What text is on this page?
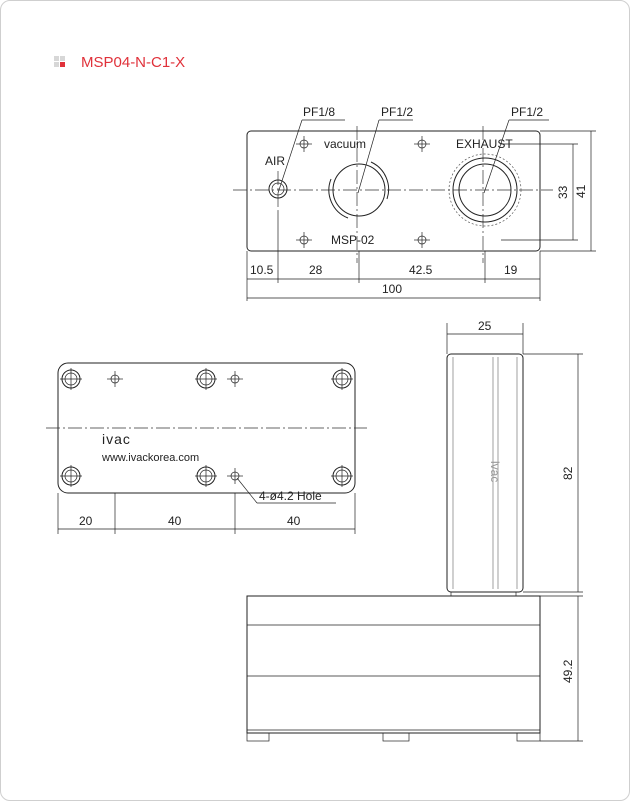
MSP04-N-C1-X
PF1/8	PF1/2	PF1/2
AIR
vacuum	EXHAUST
MSP-02
10.5	28	42.5	19
100
33 41
ivac
www.ivackorea.com
4-ø4.2 Hole
20	40	40
ivac
25
82
49.2
